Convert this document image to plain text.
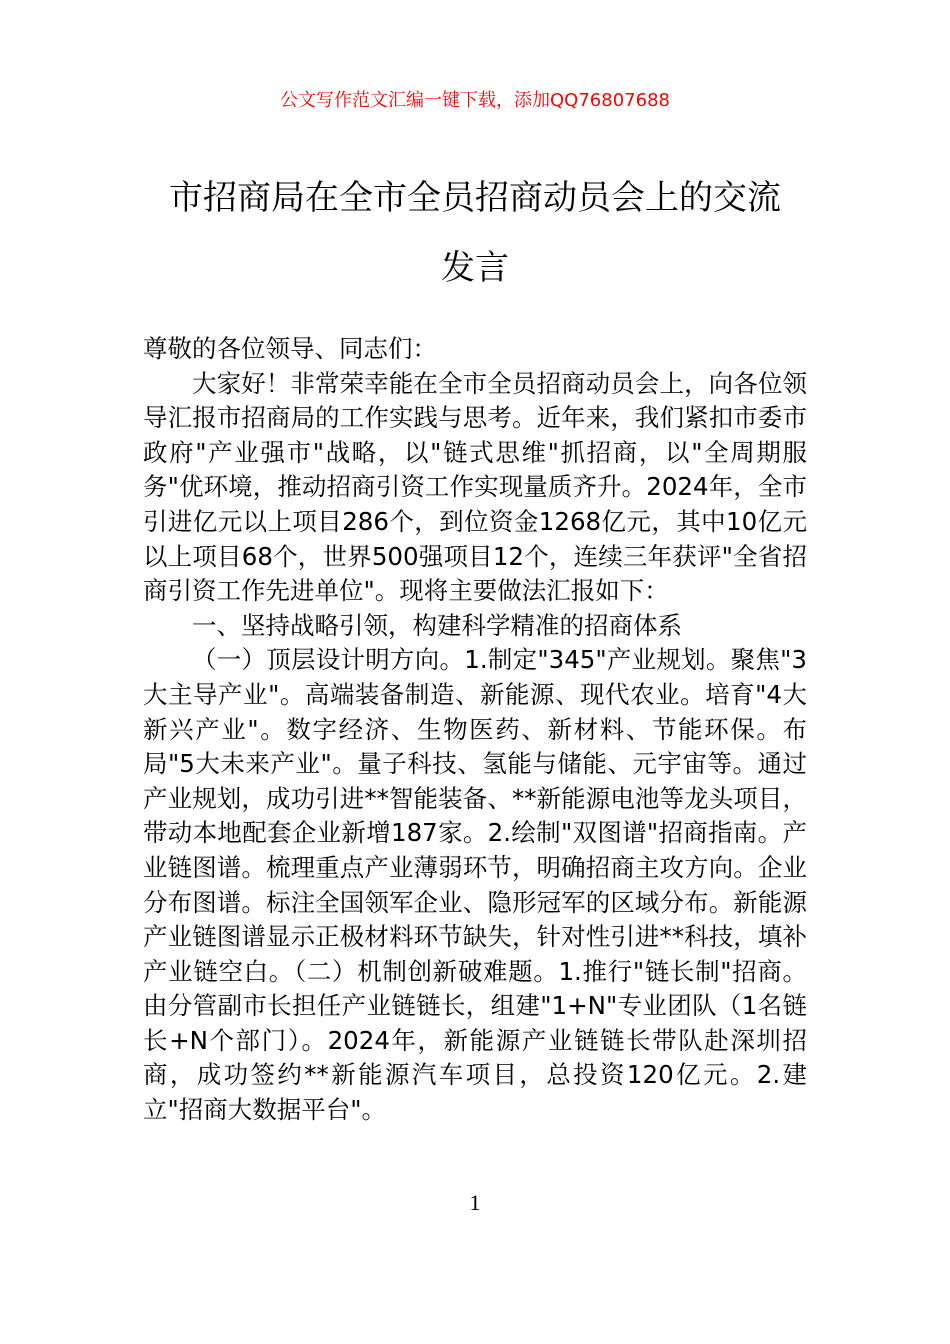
公文写作范文汇编一键下载，添加QQ76807688
市招商局在全市全员招商动员会上的交流
发言

尊敬的各位领导、同志们：

大家好！非常荣幸能在全市全员招商动员会上，向各位领导汇报市招商局的工作实践与思考。近年来，我们紧扣市委市政府"产业强市"战略，以"链式思维"抓招商，以"全周期服务"优环境，推动招商引资工作实现量质齐升。2024年，全市引进亿元以上项目286个，到位资金1268亿元，其中10亿元以上项目68个，世界500强项目12个，连续三年获评"全省招商引资工作先进单位"。现将主要做法汇报如下：

一、坚持战略引领，构建科学精准的招商体系

（一）顶层设计明方向。1.制定"345"产业规划。聚焦"3大主导产业"。高端装备制造、新能源、现代农业。培育"4大新兴产业"。数字经济、生物医药、新材料、节能环保。布局"5大未来产业"。量子科技、氢能与储能、元宇宙等。通过产业规划，成功引进**智能装备、**新能源电池等龙头项目，带动本地配套企业新增187家。2.绘制"双图谱"招商指南。产业链图谱。梳理重点产业薄弱环节，明确招商主攻方向。企业分布图谱。标注全国领军企业、隐形冠军的区域分布。新能源产业链图谱显示正极材料环节缺失，针对性引进**科技，填补产业链空白。（二）机制创新破难题。1.推行"链长制"招商。由分管副市长担任产业链链长，组建"1+N"专业团队（1名链长+N个部门）。2024年，新能源产业链链长带队赴深圳招商，成功签约**新能源汽车项目，总投资120亿元。2.建立"招商大数据平台"。

1
